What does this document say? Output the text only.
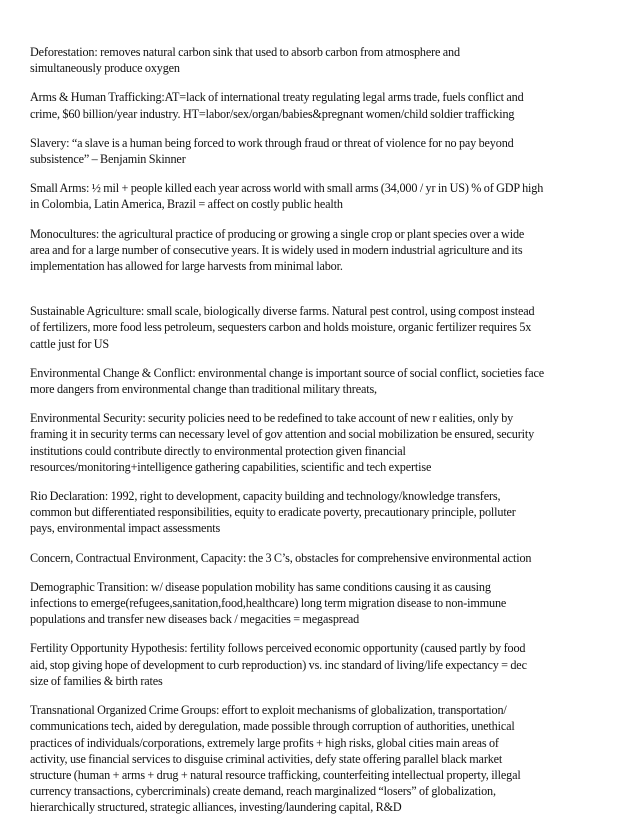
Deforestation: removes natural carbon sink that used to absorb carbon from atmosphere and
simultaneously produce oxygen

Arms & Human Trafficking:AT=lack of international treaty regulating legal arms trade, fuels conflict and
crime, $60 billion/year industry. HT=labor/sex/organ/babies&pregnant women/child soldier trafficking

Slavery: “a slave is a human being forced to work through fraud or threat of violence for no pay beyond
subsistence” – Benjamin Skinner

Small Arms: ½ mil + people killed each year across world with small arms (34,000 / yr in US) % of GDP high
in Colombia, Latin America, Brazil = affect on costly public health

Monocultures: the agricultural practice of producing or growing a single crop or plant species over a wide
area and for a large number of consecutive years. It is widely used in modern industrial agriculture and its
implementation has allowed for large harvests from minimal labor.

Sustainable Agriculture: small scale, biologically diverse farms. Natural pest control, using compost instead
of fertilizers, more food less petroleum, sequesters carbon and holds moisture, organic fertilizer requires 5x
cattle just for US

Environmental Change & Conflict: environmental change is important source of social conflict, societies face
more dangers from environmental change than traditional military threats,

Environmental Security: security policies need to be redefined to take account of new r ealities, only by
framing it in security terms can necessary level of gov attention and social mobilization be ensured, security
institutions could contribute directly to environmental protection given financial
resources/monitoring+intelligence gathering capabilities, scientific and tech expertise

Rio Declaration: 1992, right to development, capacity building and technology/knowledge transfers,
common but differentiated responsibilities, equity to eradicate poverty, precautionary principle, polluter
pays, environmental impact assessments

Concern, Contractual Environment, Capacity: the 3 C’s, obstacles for comprehensive environmental action

Demographic Transition: w/ disease population mobility has same conditions causing it as causing
infections to emerge(refugees,sanitation,food,healthcare) long term migration disease to non-immune
populations and transfer new diseases back / megacities = megaspread

Fertility Opportunity Hypothesis: fertility follows perceived economic opportunity (caused partly by food
aid, stop giving hope of development to curb reproduction) vs. inc standard of living/life expectancy = dec
size of families & birth rates

Transnational Organized Crime Groups: effort to exploit mechanisms of globalization, transportation/
communications tech, aided by deregulation, made possible through corruption of authorities, unethical
practices of individuals/corporations, extremely large profits + high risks, global cities main areas of
activity, use financial services to disguise criminal activities, defy state offering parallel black market
structure (human + arms + drug + natural resource trafficking, counterfeiting intellectual property, illegal
currency transactions, cybercriminals) create demand, reach marginalized “losers” of globalization,
hierarchically structured, strategic alliances, investing/laundering capital, R&D
